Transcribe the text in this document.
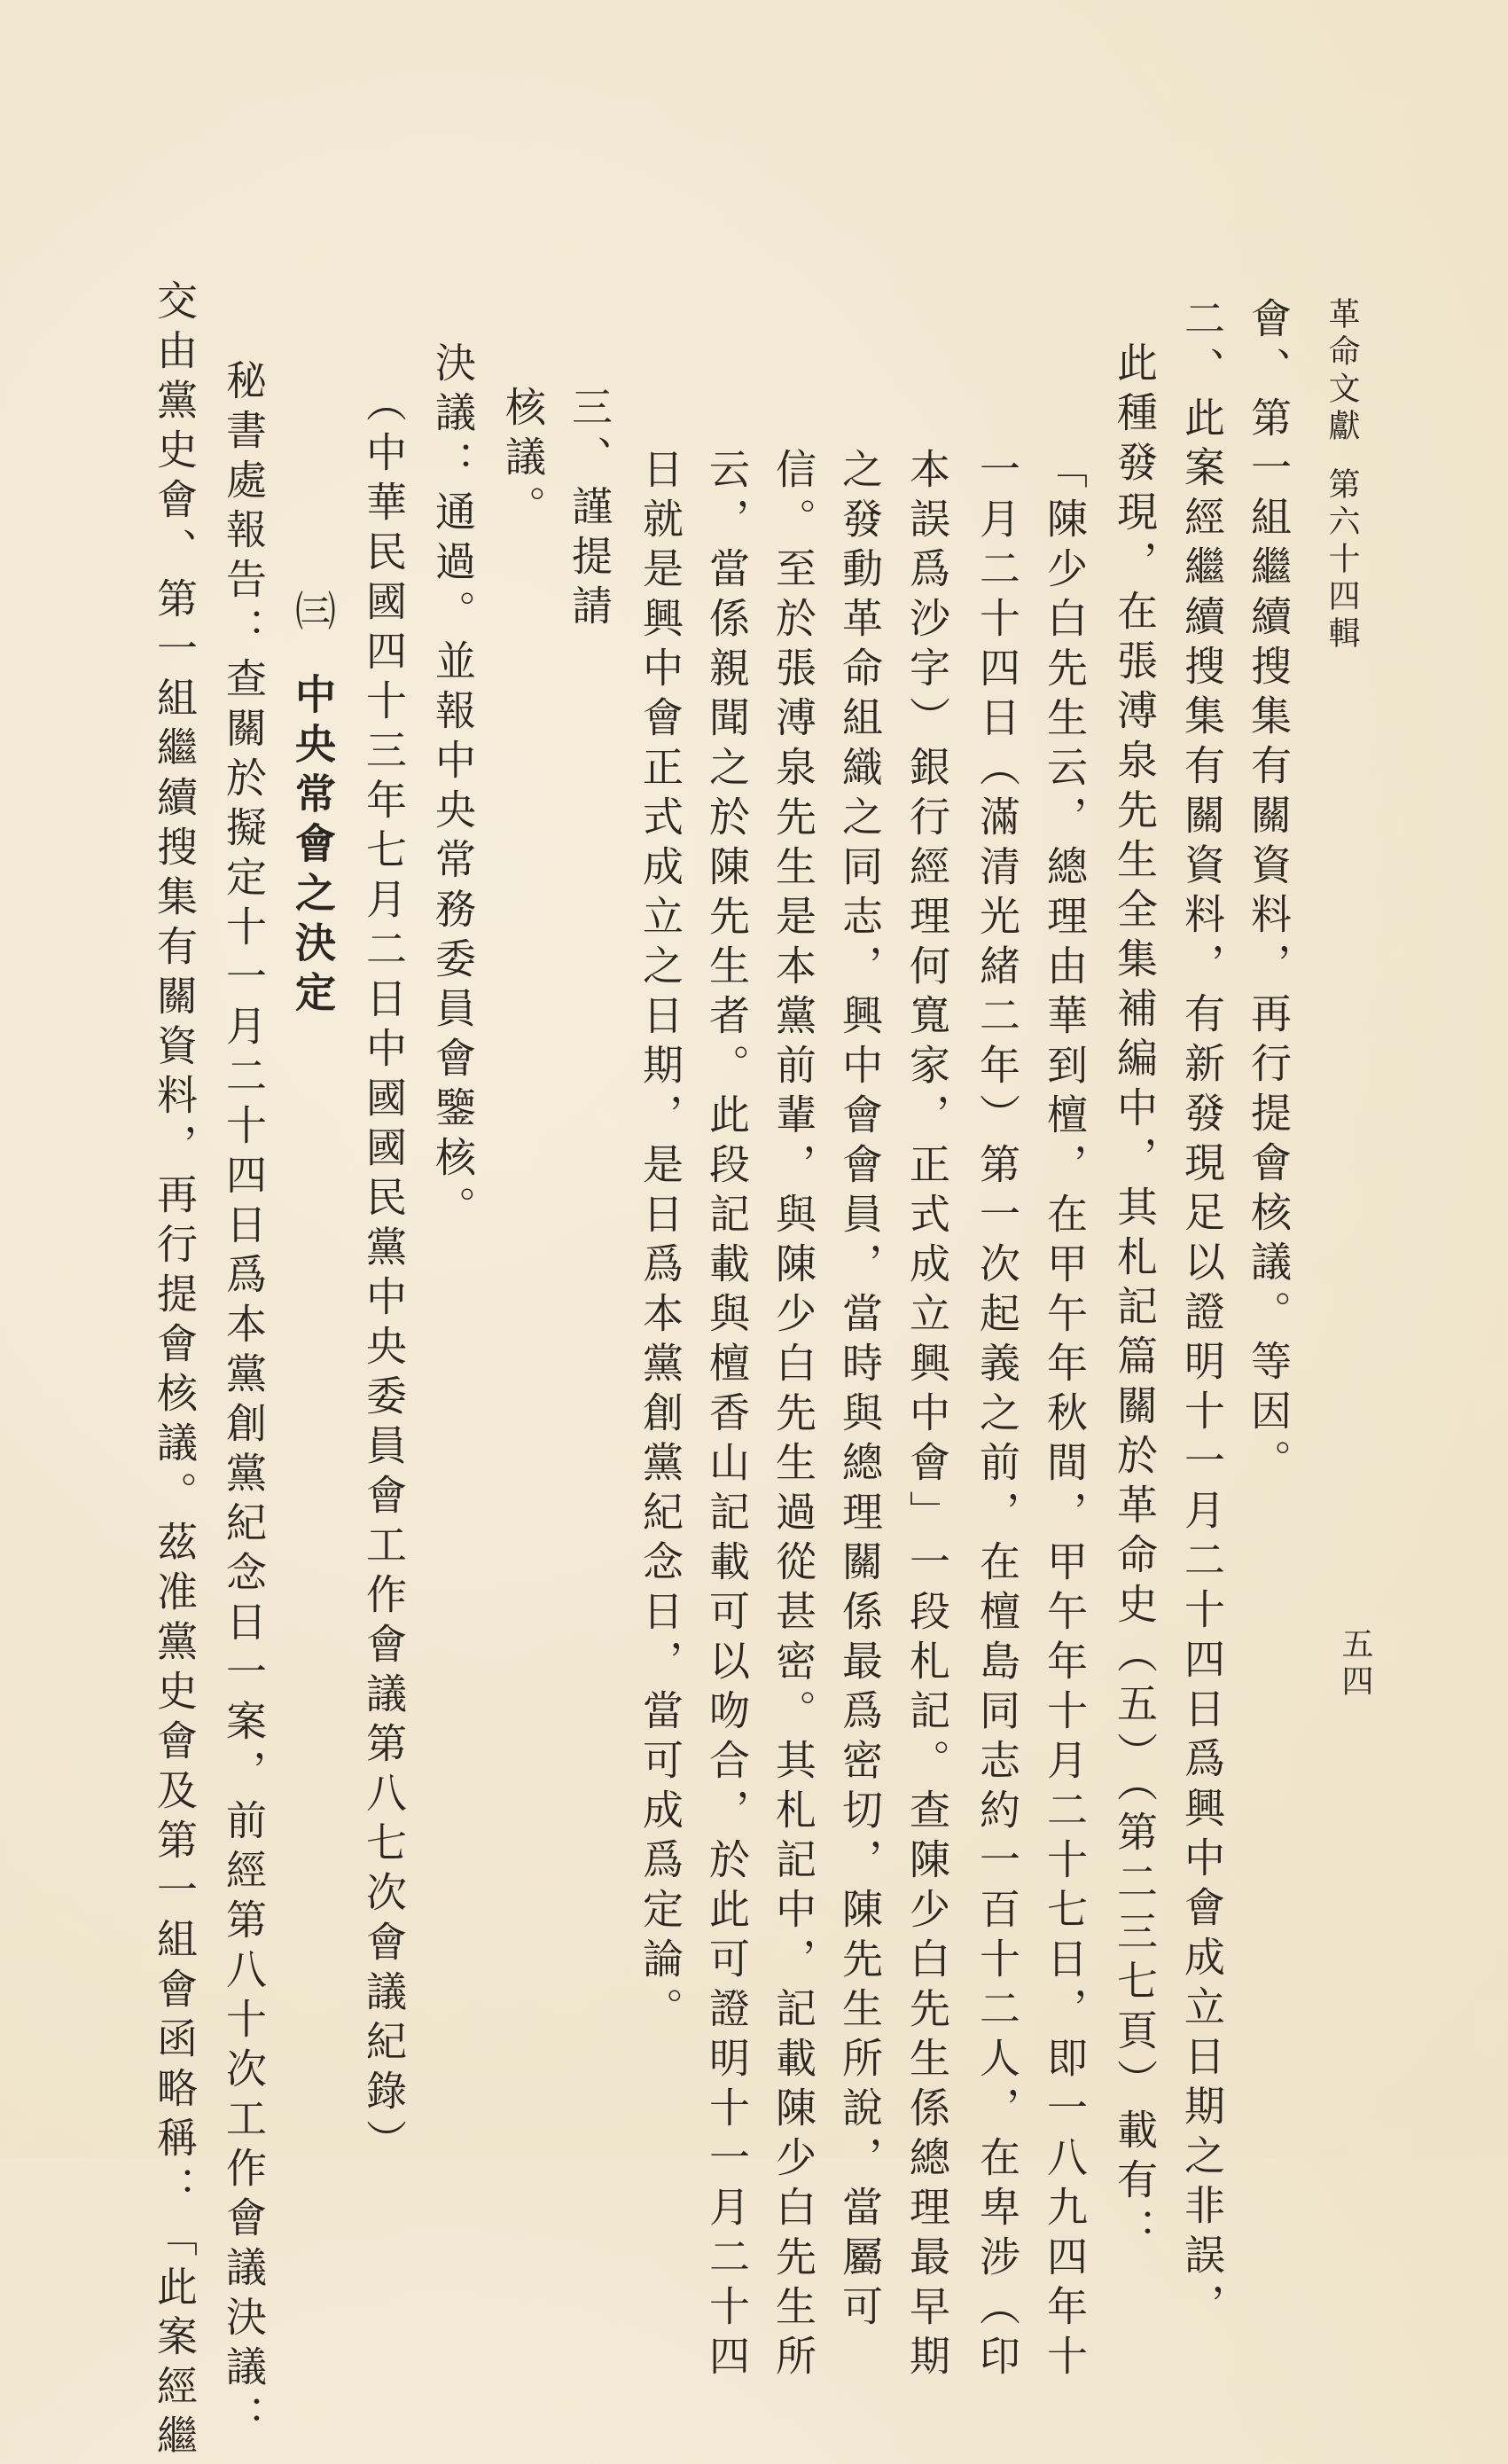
革命文獻第六十四輯
五四
會、第一組繼續搜集有關資料，再行提會核議。等因。
二、此案經繼續搜集有關資料，有新發現足以證明十一月二十四日爲興中會成立日期之非誤，
此種發現，在張溥泉先生全集補編中，其札記篇關於革命史（五）（第二三七頁）載有：
「陳少白先生云，總理由華到檀，在甲午年秋間，甲午年十月二十七日，即一八九四年十
一月二十四日（滿清光緒二年）第一次起義之前，在檀島同志約一百十二人，在卑涉（印
本誤爲沙字）銀行經理何寬家，正式成立興中會」一段札記。查陳少白先生係總理最早期
之發動革命組織之同志，興中會會員，當時與總理關係最爲密切，陳先生所說，當屬可
信。至於張溥泉先生是本黨前輩，與陳少白先生過從甚密。其札記中，記載陳少白先生所
云，當係親聞之於陳先生者。此段記載與檀香山記載可以吻合，於此可證明十一月二十四
日就是興中會正式成立之日期，是日爲本黨創黨紀念日，當可成爲定論。
三、謹提請
核議。
決議：通過。並報中央常務委員會鑒核。
（中華民國四十三年七月二日中國國民黨中央委員會工作會議第八七次會議紀錄）
㈢中央常會之決定
秘書處報告：查關於擬定十一月二十四日爲本黨創黨紀念日一案，前經第八十次工作會議決議：
交由黨史會、第一組繼續搜集有關資料，再行提會核議。茲准黨史會及第一組會函略稱：「此案經繼
